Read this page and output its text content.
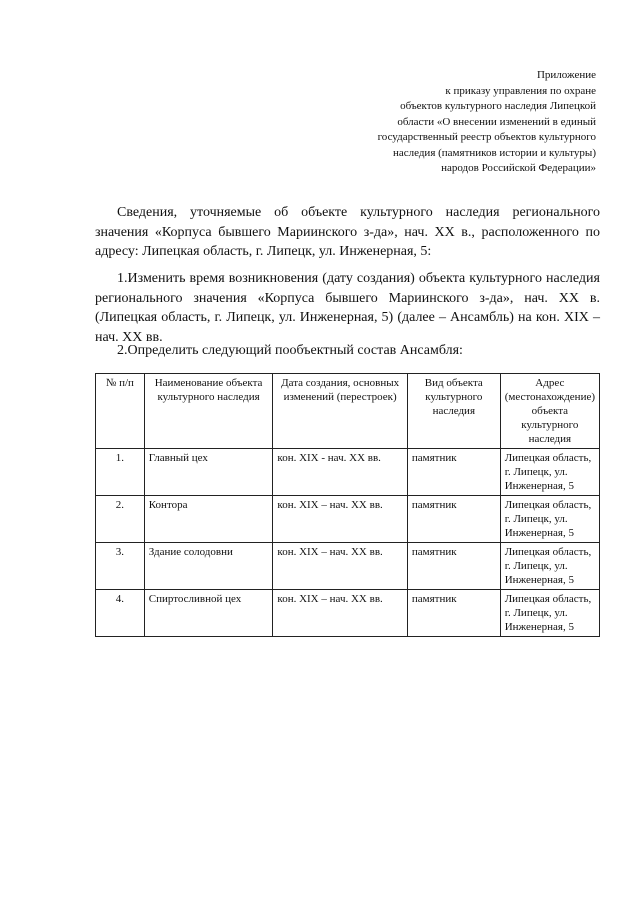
Приложение
к приказу управления по охране
объектов культурного наследия Липецкой
области «О внесении изменений в единый
государственный реестр объектов культурного
наследия (памятников истории и культуры)
народов Российской Федерации»

Сведения, уточняемые об объекте культурного наследия регионального значения «Корпуса бывшего Мариинского з-да», нач. XX в., расположенного по адресу: Липецкая область, г. Липецк, ул. Инженерная, 5:

1.Изменить время возникновения (дату создания) объекта культурного наследия регионального значения «Корпуса бывшего Мариинского з-да», нач. XX в. (Липецкая область, г. Липецк, ул. Инженерная, 5) (далее – Ансамбль) на кон. XIX – нач. XX вв.

2.Определить следующий пообъектный состав Ансамбля:

№ п/п	Наименование объекта культурного наследия	Дата создания, основных изменений (перестроек)	Вид объекта культурного наследия	Адрес (местонахождение) объекта культурного наследия
1.	Главный цех	кон. XIX - нач. XX вв.	памятник	Липецкая область, г. Липецк, ул. Инженерная, 5
2.	Контора	кон. XIX – нач. XX вв.	памятник	Липецкая область, г. Липецк, ул. Инженерная, 5
3.	Здание солодовни	кон. XIX – нач. XX вв.	памятник	Липецкая область, г. Липецк, ул. Инженерная, 5
4.	Спиртосливной цех	кон. XIX – нач. XX вв.	памятник	Липецкая область, г. Липецк, ул. Инженерная, 5
